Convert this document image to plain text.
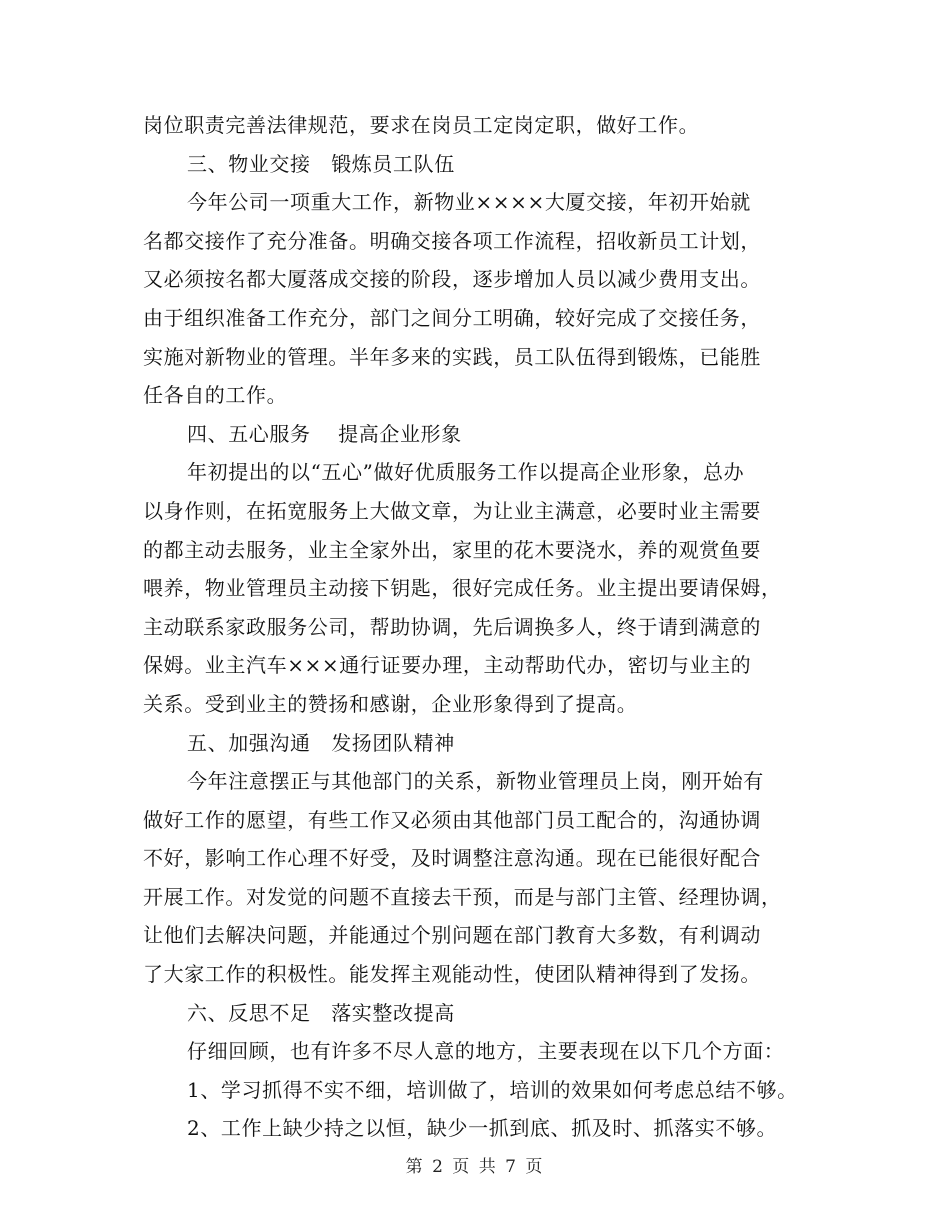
岗位职责完善法律规范，要求在岗员工定岗定职，做好工作。
三、物业交接　锻炼员工队伍
今年公司一项重大工作，新物业××××大厦交接，年初开始就
名都交接作了充分准备。明确交接各项工作流程，招收新员工计划，
又必须按名都大厦落成交接的阶段，逐步增加人员以减少费用支出。
由于组织准备工作充分，部门之间分工明确，较好完成了交接任务，
实施对新物业的管理。半年多来的实践，员工队伍得到锻炼，已能胜
任各自的工作。
四、五心服务　 提高企业形象
年初提出的以“五心”做好优质服务工作以提高企业形象，总办
以身作则，在拓宽服务上大做文章，为让业主满意，必要时业主需要
的都主动去服务，业主全家外出，家里的花木要浇水，养的观赏鱼要
喂养，物业管理员主动接下钥匙，很好完成任务。业主提出要请保姆，
主动联系家政服务公司，帮助协调，先后调换多人，终于请到满意的
保姆。业主汽车×××通行证要办理，主动帮助代办，密切与业主的
关系。受到业主的赞扬和感谢，企业形象得到了提高。
五、加强沟通　发扬团队精神
今年注意摆正与其他部门的关系，新物业管理员上岗，刚开始有
做好工作的愿望，有些工作又必须由其他部门员工配合的，沟通协调
不好，影响工作心理不好受，及时调整注意沟通。现在已能很好配合
开展工作。对发觉的问题不直接去干预，而是与部门主管、经理协调，
让他们去解决问题，并能通过个别问题在部门教育大多数，有利调动
了大家工作的积极性。能发挥主观能动性，使团队精神得到了发扬。
六、反思不足　落实整改提高
仔细回顾，也有许多不尽人意的地方，主要表现在以下几个方面：
1、学习抓得不实不细，培训做了，培训的效果如何考虑总结不够。
2、工作上缺少持之以恒，缺少一抓到底、抓及时、抓落实不够。
第 2 页 共 7 页
